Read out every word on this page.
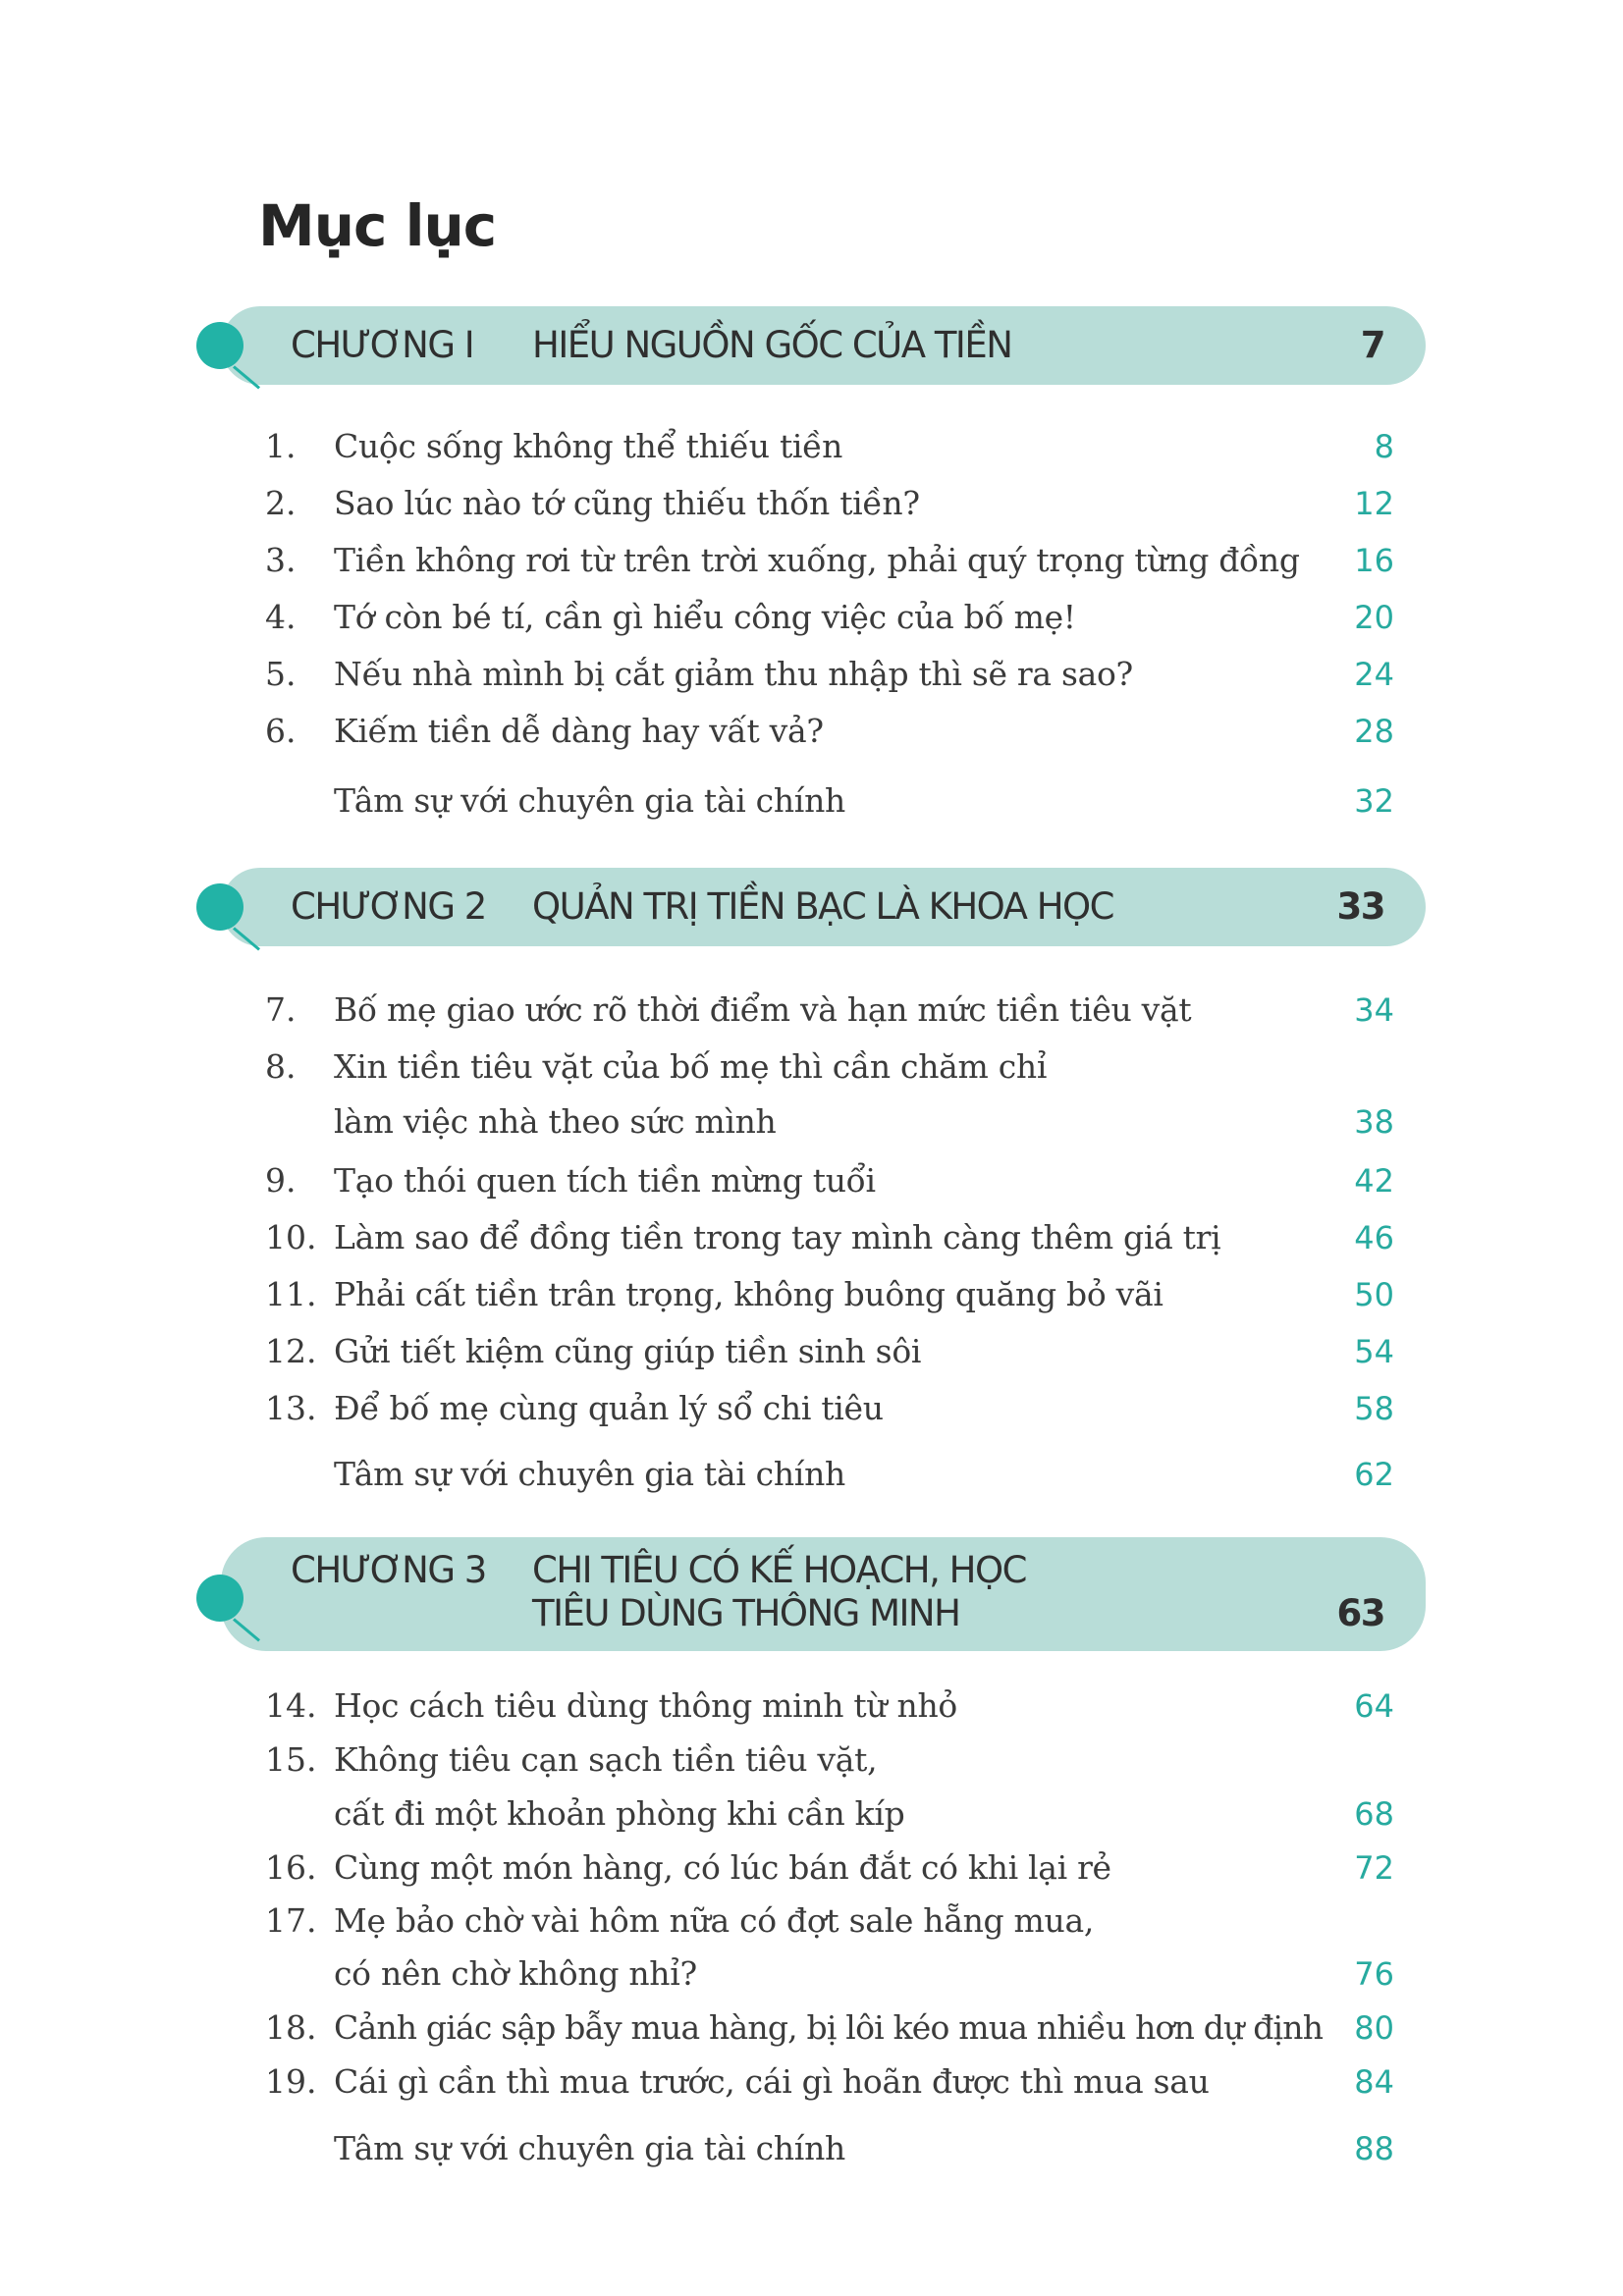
Mục lục
CHƯƠNG I HIỂU NGUỒN GỐC CỦA TIỀN	7
1. Cuộc sống không thể thiếu tiền	8
2. Sao lúc nào tớ cũng thiếu thốn tiền?	12
3. Tiền không rơi từ trên trời xuống, phải quý trọng từng đồng 16
4. Tớ còn bé tí, cần gì hiểu công việc của bố mẹ!	20
5. Nếu nhà mình bị cắt giảm thu nhập thì sẽ ra sao?	24
6. Kiếm tiền dễ dàng hay vất vả?	28
Tâm sự với chuyên gia tài chính	32
CHƯƠNG 2 QUẢN TRỊ TIỀN BẠC LÀ KHOA HỌC	33
7. Bố mẹ giao ước rõ thời điểm và hạn mức tiền tiêu vặt	34
8. Xin tiền tiêu vặt của bố mẹ thì cần chăm chỉ
làm việc nhà theo sức mình	38
9. Tạo thói quen tích tiền mừng tuổi	42
10. Làm sao để đồng tiền trong tay mình càng thêm giá trị	46
11. Phải cất tiền trân trọng, không buông quăng bỏ vãi	50
12. Gửi tiết kiệm cũng giúp tiền sinh sôi	54
13. Để bố mẹ cùng quản lý sổ chi tiêu	58
Tâm sự với chuyên gia tài chính	62
CHƯƠNG 3 CHI TIÊU CÓ KẾ HOẠCH, HỌC TIÊU DÙNG THÔNG MINH	63
14. Học cách tiêu dùng thông minh từ nhỏ	64
15. Không tiêu cạn sạch tiền tiêu vặt,
cất đi một khoản phòng khi cần kíp	68
16. Cùng một món hàng, có lúc bán đắt có khi lại rẻ	72
17. Mẹ bảo chờ vài hôm nữa có đợt sale hẵng mua,
có nên chờ không nhỉ?	76
18. Cảnh giác sập bẫy mua hàng, bị lôi kéo mua nhiều hơn dự định 80
19. Cái gì cần thì mua trước, cái gì hoãn được thì mua sau	84
Tâm sự với chuyên gia tài chính	88
